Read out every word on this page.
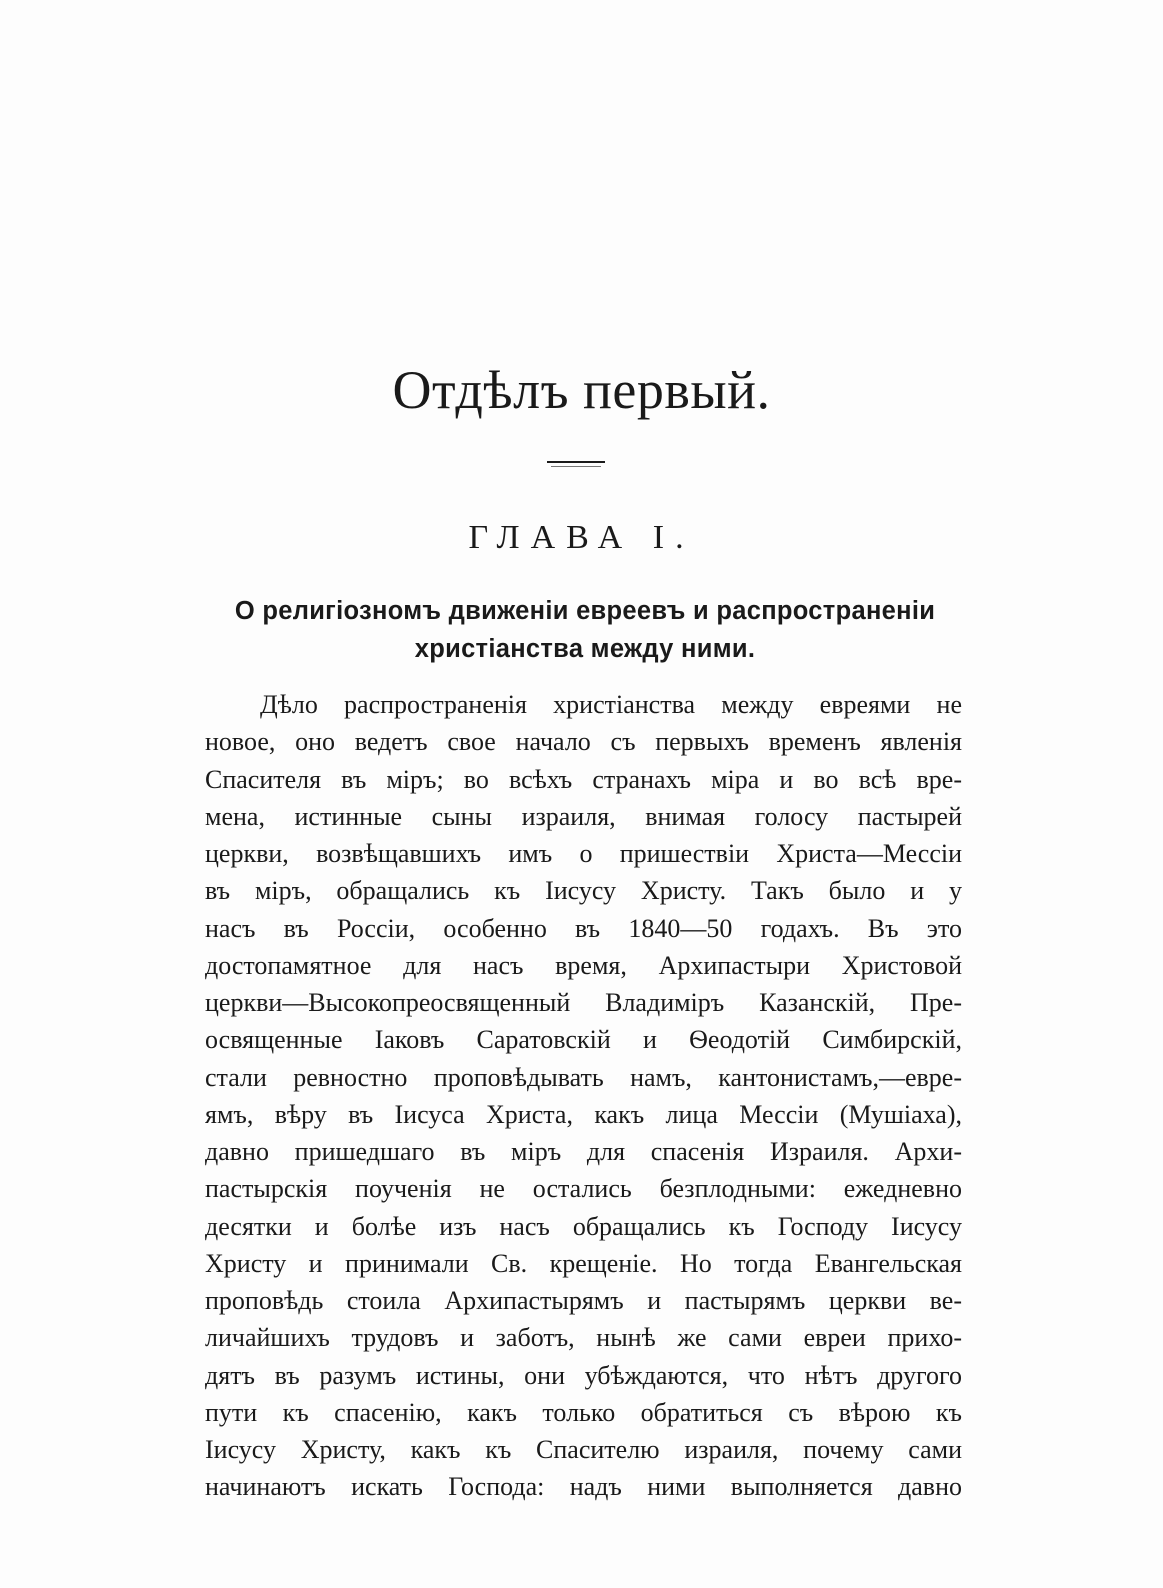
Отдѣлъ первый.
ГЛАВА I.
О религіозномъ движеніи евреевъ и распространеніи
христіанства между ними.
Дѣло распространенія христіанства между евреями не
новое, оно ведетъ свое начало съ первыхъ временъ явленія
Спасителя въ міръ; во всѣхъ странахъ міра и во всѣ вре-
мена, истинные сыны израиля, внимая голосу пастырей
церкви, возвѣщавшихъ имъ о пришествіи Христа—Мессіи
въ міръ, обращались къ Іисусу Христу. Такъ было и у
насъ въ Россіи, особенно въ 1840—50 годахъ. Въ это
достопамятное для насъ время, Архипастыри Христовой
церкви—Высокопреосвященный Владиміръ Казанскій, Пре-
освященные Іаковъ Саратовскій и Ѳеодотій Симбирскій,
стали ревностно проповѣдывать намъ, кантонистамъ,—евре-
ямъ, вѣру въ Іисуса Христа, какъ лица Мессіи (Мушіаха),
давно пришедшаго въ міръ для спасенія Израиля. Архи-
пастырскія поученія не остались безплодными: ежедневно
десятки и болѣе изъ насъ обращались къ Господу Іисусу
Христу и принимали Св. крещеніе. Но тогда Евангельская
проповѣдь стоила Архипастырямъ и пастырямъ церкви ве-
личайшихъ трудовъ и заботъ, нынѣ же сами евреи прихо-
дятъ въ разумъ истины, они убѣждаются, что нѣтъ другого
пути къ спасенію, какъ только обратиться съ вѣрою къ
Іисусу Христу, какъ къ Спасителю израиля, почему сами
начинаютъ искать Господа: надъ ними выполняется давно
